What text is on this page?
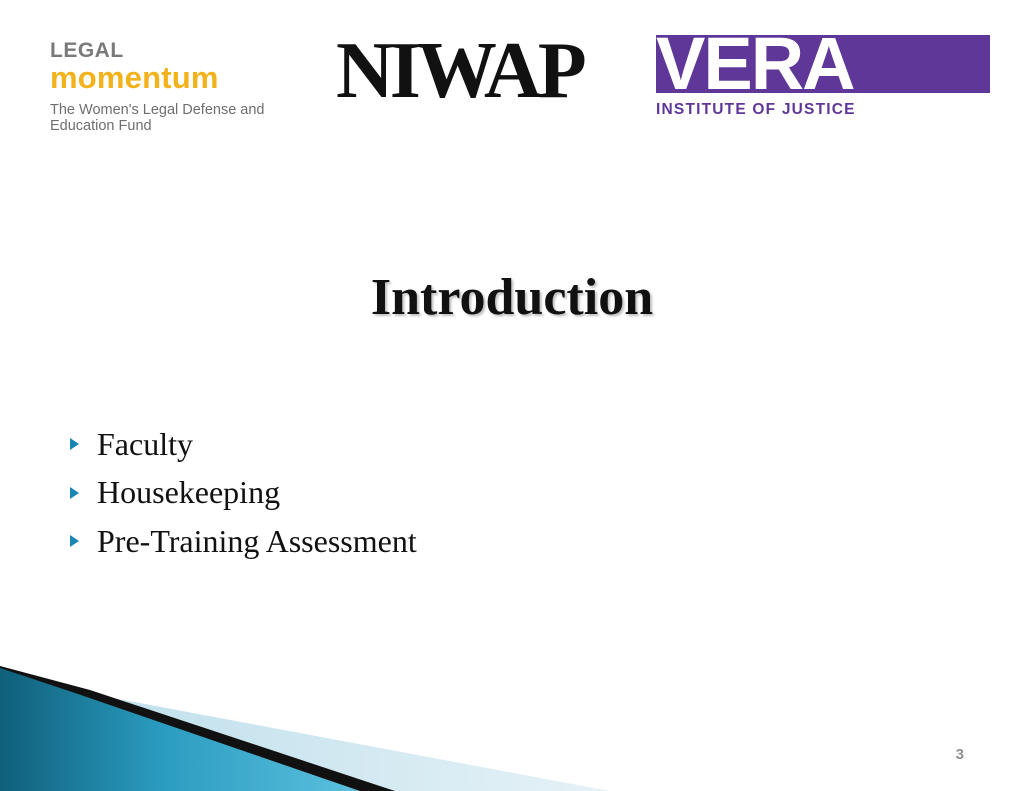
LEGAL
momentum
The Women's Legal Defense and Education Fund
NIWAP VERA
INSTITUTE OF JUSTICE
Introduction
Faculty
Housekeeping
Pre-Training Assessment
3
